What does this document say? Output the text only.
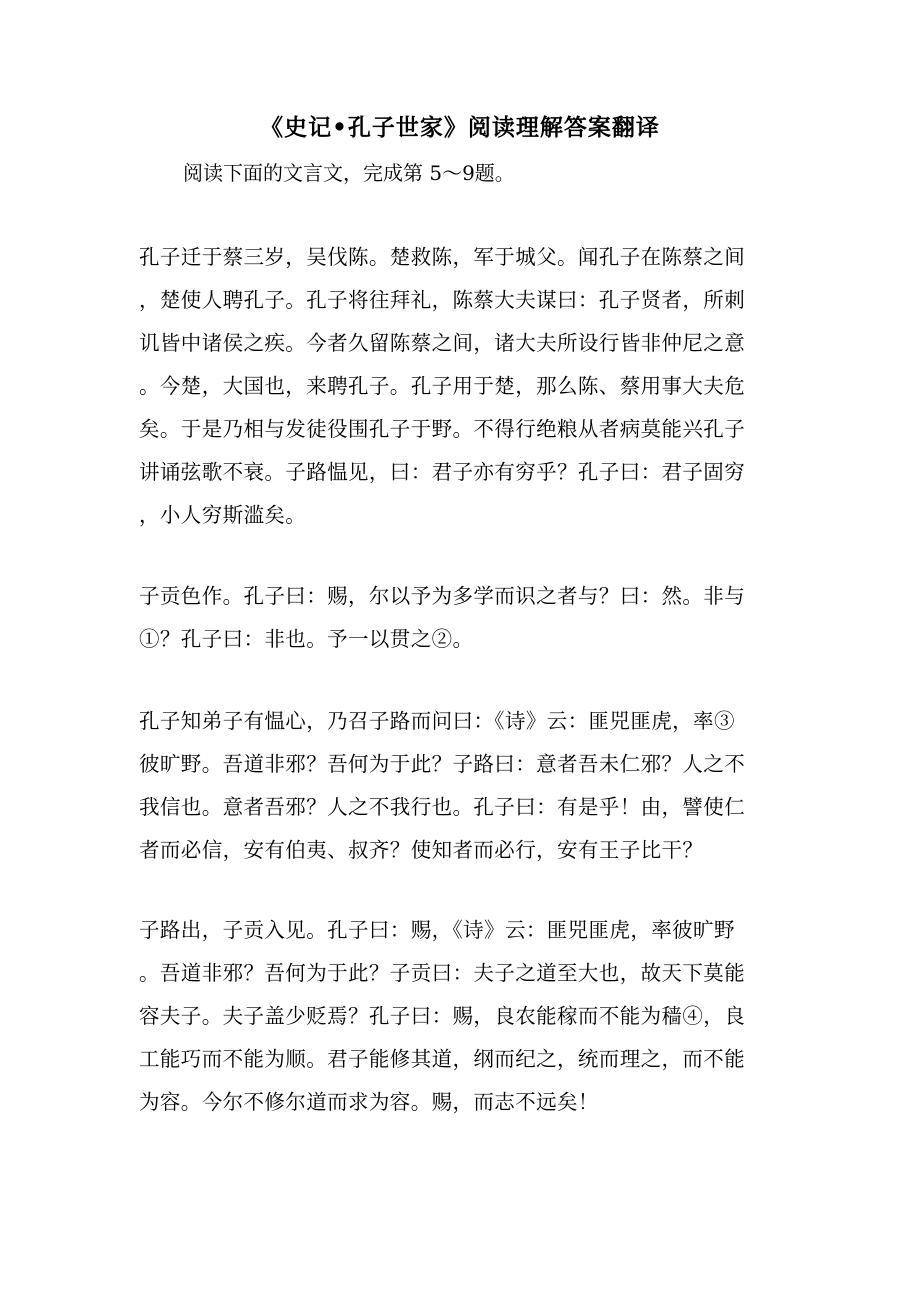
《史记•孔子世家》阅读理解答案翻译
阅读下面的文言文，完成第 5～9题。
孔子迁于蔡三岁，吴伐陈。楚救陈，军于城父。闻孔子在陈蔡之间
，楚使人聘孔子。孔子将往拜礼，陈蔡大夫谋曰：孔子贤者，所刺
讥皆中诸侯之疾。今者久留陈蔡之间，诸大夫所设行皆非仲尼之意
。今楚，大国也，来聘孔子。孔子用于楚，那么陈、蔡用事大夫危
矣。于是乃相与发徒役围孔子于野。不得行绝粮从者病莫能兴孔子
讲诵弦歌不衰。子路愠见，曰：君子亦有穷乎？孔子曰：君子固穷
，小人穷斯滥矣。
子贡色作。孔子曰：赐，尔以予为多学而识之者与？曰：然。非与
①？孔子曰：非也。予一以贯之②。
孔子知弟子有愠心，乃召子路而问曰：《诗》云：匪兕匪虎，率③
彼旷野。吾道非邪？吾何为于此？子路曰：意者吾未仁邪？人之不
我信也。意者吾邪？人之不我行也。孔子曰：有是乎！由，譬使仁
者而必信，安有伯夷、叔齐？使知者而必行，安有王子比干？
子路出，子贡入见。孔子曰：赐，《诗》云：匪兕匪虎，率彼旷野
。吾道非邪？吾何为于此？子贡曰：夫子之道至大也，故天下莫能
容夫子。夫子盖少贬焉？孔子曰：赐，良农能稼而不能为穑④，良
工能巧而不能为顺。君子能修其道，纲而纪之，统而理之，而不能
为容。今尔不修尔道而求为容。赐，而志不远矣！
